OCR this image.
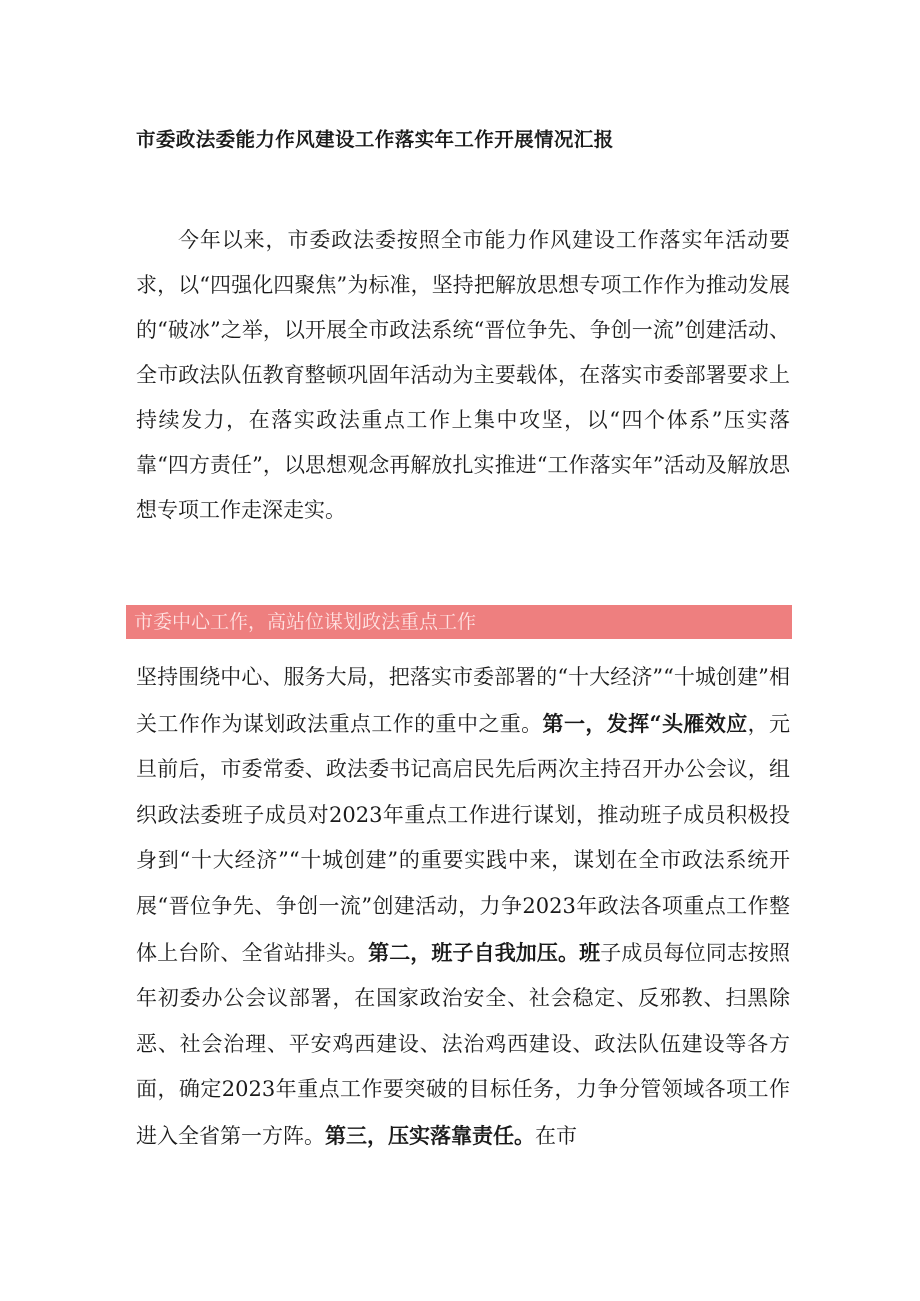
市委政法委能力作风建设工作落实年工作开展情况汇报

今年以来，市委政法委按照全市能力作风建设工作落实年活动要求，以“四强化四聚焦”为标准，坚持把解放思想专项工作作为推动发展的“破冰”之举，以开展全市政法系统“晋位争先、争创一流”创建活动、全市政法队伍教育整顿巩固年活动为主要载体，在落实市委部署要求上持续发力，在落实政法重点工作上集中攻坚，以“四个体系”压实落靠“四方责任”，以思想观念再解放扎实推进“工作落实年”活动及解放思想专项工作走深走实。

市委中心工作，高站位谋划政法重点工作

坚持围绕中心、服务大局，把落实市委部署的“十大经济”“十城创建”相关工作作为谋划政法重点工作的重中之重。第一，发挥“头雁效应，元旦前后，市委常委、政法委书记高启民先后两次主持召开办公会议，组织政法委班子成员对2023年重点工作进行谋划，推动班子成员积极投身到“十大经济”“十城创建”的重要实践中来，谋划在全市政法系统开展“晋位争先、争创一流”创建活动，力争2023年政法各项重点工作整体上台阶、全省站排头。第二，班子自我加压。班子成员每位同志按照年初委办公会议部署，在国家政治安全、社会稳定、反邪教、扫黑除恶、社会治理、平安鸡西建设、法治鸡西建设、政法队伍建设等各方面，确定2023年重点工作要突破的目标任务，力争分管领域各项工作进入全省第一方阵。第三，压实落靠责任。在市
